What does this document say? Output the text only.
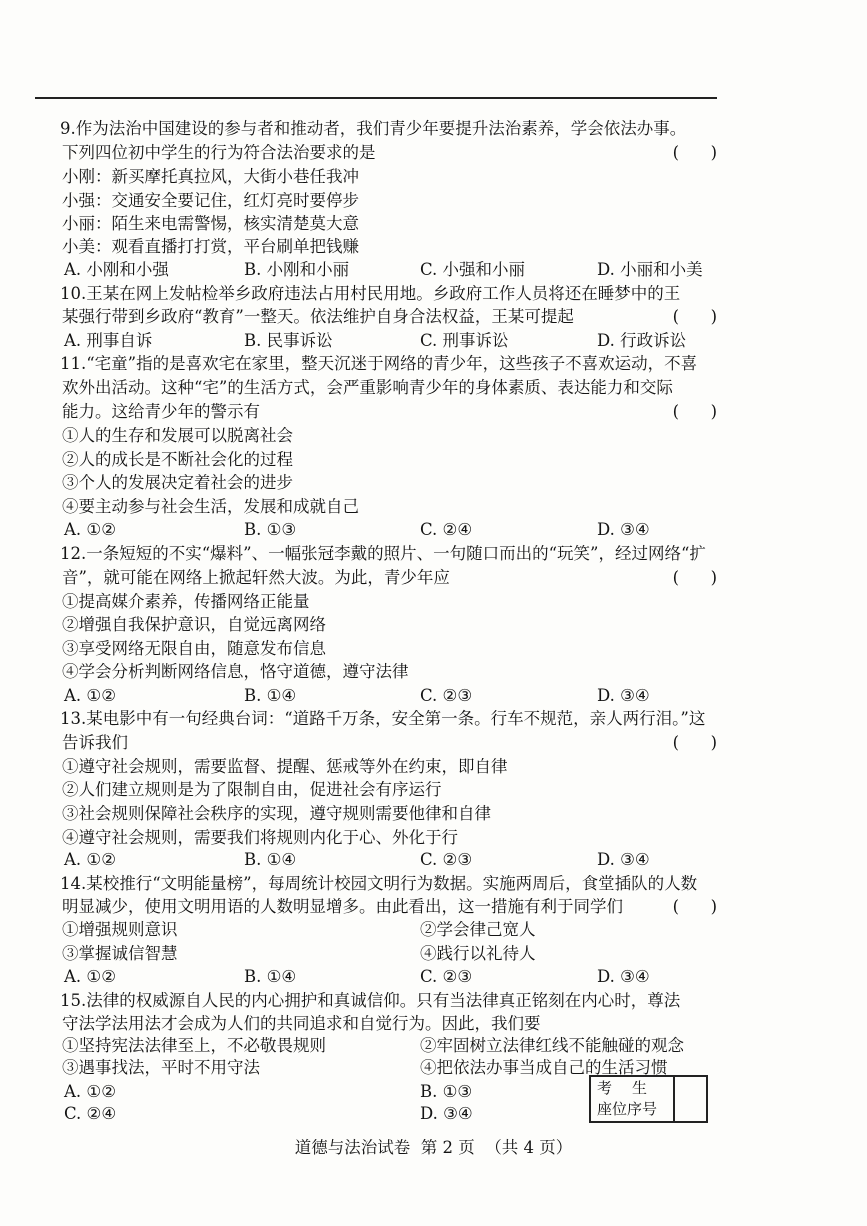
9.作为法治中国建设的参与者和推动者，我们青少年要提升法治素养，学会依法办事。
下列四位初中学生的行为符合法治要求的是	(      )
小刚：新买摩托真拉风，大街小巷任我冲
小强：交通安全要记住，红灯亮时要停步
小丽：陌生来电需警惕，核实清楚莫大意
小美：观看直播打打赏，平台刷单把钱赚
A. 小刚和小强	B. 小刚和小丽	C. 小强和小丽	D. 小丽和小美
10.王某在网上发帖检举乡政府违法占用村民用地。乡政府工作人员将还在睡梦中的王
某强行带到乡政府“教育”一整天。依法维护自身合法权益，王某可提起	(      )
A. 刑事自诉	B. 民事诉讼	C. 刑事诉讼	D. 行政诉讼
11.“宅童”指的是喜欢宅在家里，整天沉迷于网络的青少年，这些孩子不喜欢运动，不喜
欢外出活动。这种“宅”的生活方式，会严重影响青少年的身体素质、表达能力和交际
能力。这给青少年的警示有	(      )
①人的生存和发展可以脱离社会
②人的成长是不断社会化的过程
③个人的发展决定着社会的进步
④要主动参与社会生活，发展和成就自己
A. ①②	B. ①③	C. ②④	D. ③④
12.一条短短的不实“爆料”、一幅张冠李戴的照片、一句随口而出的“玩笑”，经过网络“扩
音”，就可能在网络上掀起轩然大波。为此，青少年应	(      )
①提高媒介素养，传播网络正能量
②增强自我保护意识，自觉远离网络
③享受网络无限自由，随意发布信息
④学会分析判断网络信息，恪守道德，遵守法律
A. ①②	B. ①④	C. ②③	D. ③④
13.某电影中有一句经典台词：“道路千万条，安全第一条。行车不规范，亲人两行泪。”这
告诉我们	(      )
①遵守社会规则，需要监督、提醒、惩戒等外在约束，即自律
②人们建立规则是为了限制自由，促进社会有序运行
③社会规则保障社会秩序的实现，遵守规则需要他律和自律
④遵守社会规则，需要我们将规则内化于心、外化于行
A. ①②	B. ①④	C. ②③	D. ③④
14.某校推行“文明能量榜”，每周统计校园文明行为数据。实施两周后，食堂插队的人数
明显减少，使用文明用语的人数明显增多。由此看出，这一措施有利于同学们	(      )
①增强规则意识	②学会律己宽人
③掌握诚信智慧	④践行以礼待人
A. ①②	B. ①④	C. ②③	D. ③④
15.法律的权威源自人民的内心拥护和真诚信仰。只有当法律真正铭刻在内心时，尊法
守法学法用法才会成为人们的共同追求和自觉行为。因此，我们要
①坚持宪法法律至上，不必敬畏规则	②牢固树立法律红线不能触碰的观念
③遇事找法，平时不用守法	④把依法办事当成自己的生活习惯
A. ①②	B. ①③
C. ②④	D. ③④
考生
座位序号
道德与法治试卷  第 2 页  （共 4 页）
